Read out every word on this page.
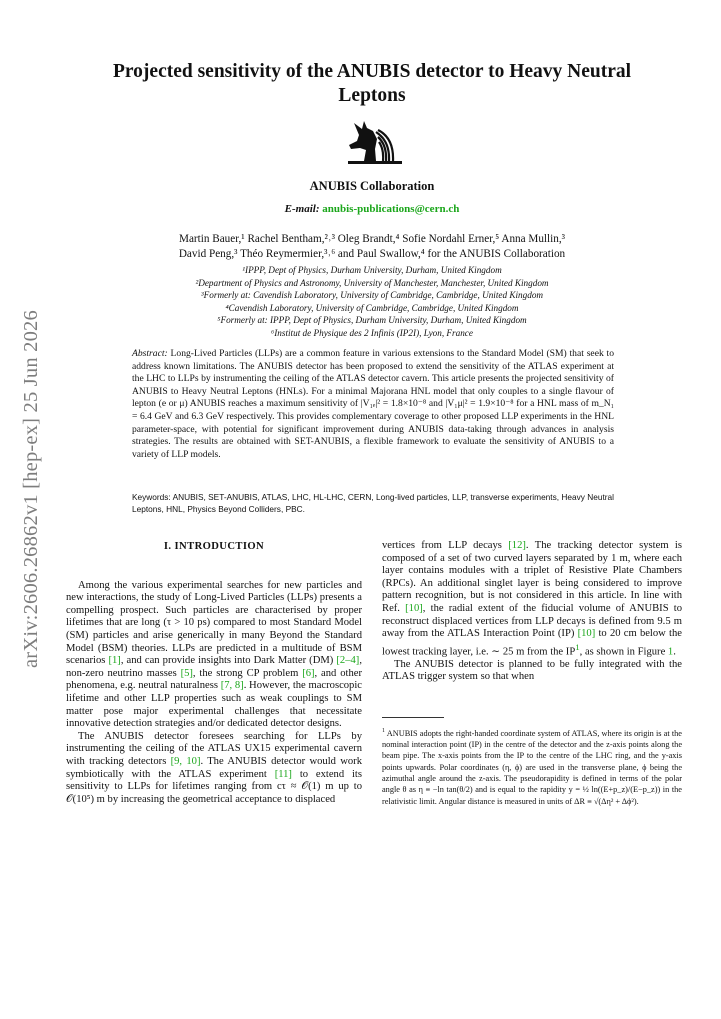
arXiv:2606.26862v1 [hep-ex] 25 Jun 2026
Projected sensitivity of the ANUBIS detector to Heavy Neutral Leptons
ANUBIS Collaboration
E-mail: anubis-publications@cern.ch
Martin Bauer,¹ Rachel Bentham,²˒³ Oleg Brandt,⁴ Sofie Nordahl Erner,⁵ Anna Mullin,³
David Peng,³ Théo Reymermier,³˒⁶ and Paul Swallow,⁴ for the ANUBIS Collaboration
¹IPPP, Dept of Physics, Durham University, Durham, United Kingdom
²Department of Physics and Astronomy, University of Manchester, Manchester, United Kingdom
³Formerly at: Cavendish Laboratory, University of Cambridge, Cambridge, United Kingdom
⁴Cavendish Laboratory, University of Cambridge, Cambridge, United Kingdom
⁵Formerly at: IPPP, Dept of Physics, Durham University, Durham, United Kingdom
⁶Institut de Physique des 2 Infinis (IP2I), Lyon, France
Abstract: Long-Lived Particles (LLPs) are a common feature in various extensions to the Standard Model (SM) that seek to address known limitations. The ANUBIS detector has been proposed to extend the sensitivity of the ATLAS experiment at the LHC to LLPs by instrumenting the ceiling of the ATLAS detector cavern. This article presents the projected sensitivity of ANUBIS to Heavy Neutral Leptons (HNLs). For a minimal Majorana HNL model that only couples to a single flavour of lepton (e or μ) ANUBIS reaches a maximum sensitivity of |V₁ₑ|² = 1.8×10⁻⁸ and |V₁μ|² = 1.9×10⁻⁸ for a HNL mass of m_N₁ = 6.4 GeV and 6.3 GeV respectively. This provides complementary coverage to other proposed LLP experiments in the HNL parameter-space, with potential for significant improvement during ANUBIS data-taking through advances in analysis strategies. The results are obtained with SET-ANUBIS, a flexible framework to evaluate the sensitivity of ANUBIS to a variety of LLP models.
Keywords: ANUBIS, SET-ANUBIS, ATLAS, LHC, HL-LHC, CERN, Long-lived particles, LLP, transverse experiments, Heavy Neutral Leptons, HNL, Physics Beyond Colliders, PBC.
I. INTRODUCTION

Among the various experimental searches for new particles and new interactions, the study of Long-Lived Particles (LLPs) presents a compelling prospect. Such particles are characterised by proper lifetimes that are long (τ > 10 ps) compared to most Standard Model (SM) particles and arise generically in many Beyond the Standard Model (BSM) theories. LLPs are predicted in a multitude of BSM scenarios [1], and can provide insights into Dark Matter (DM) [2–4], non-zero neutrino masses [5], the strong CP problem [6], and other phenomena, e.g. neutral naturalness [7, 8]. However, the macroscopic lifetime and other LLP properties such as weak couplings to SM matter pose major experimental challenges that necessitate innovative detection strategies and/or dedicated detector designs.

The ANUBIS detector foresees searching for LLPs by instrumenting the ceiling of the ATLAS UX15 experimental cavern with tracking detectors [9, 10]. The ANUBIS detector would work symbiotically with the ATLAS experiment [11] to extend its sensitivity to LLPs for lifetimes ranging from cτ ≈ 𝒪(1) m up to 𝒪(10⁵) m by increasing the geometrical acceptance to displaced

vertices from LLP decays [12]. The tracking detector system is composed of a set of two curved layers separated by 1 m, where each layer contains modules with a triplet of Resistive Plate Chambers (RPCs). An additional singlet layer is being considered to improve pattern recognition, but is not considered in this article. In line with Ref. [10], the radial extent of the fiducial volume of ANUBIS to reconstruct displaced vertices from LLP decays is defined from 9.5 m away from the ATLAS Interaction Point (IP) [10] to 20 cm below the lowest tracking layer, i.e. ∼ 25 m from the IP$^1$, as shown in Figure 1.

The ANUBIS detector is planned to be fully integrated with the ATLAS trigger system so that when

$^1$ ANUBIS adopts the right-handed coordinate system of ATLAS, where its origin is at the nominal interaction point (IP) in the centre of the detector and the z-axis points along the beam pipe. The x-axis points from the IP to the centre of the LHC ring, and the y-axis points upwards. Polar coordinates (η, ϕ) are used in the transverse plane, ϕ being the azimuthal angle around the z-axis. The pseudorapidity is defined in terms of the polar angle θ as η ≡ −ln tan(θ/2) and is equal to the rapidity y = ½ ln((E+p_z)/(E−p_z)) in the relativistic limit. Angular distance is measured in units of ΔR ≡ √(Δη² + Δϕ²).
